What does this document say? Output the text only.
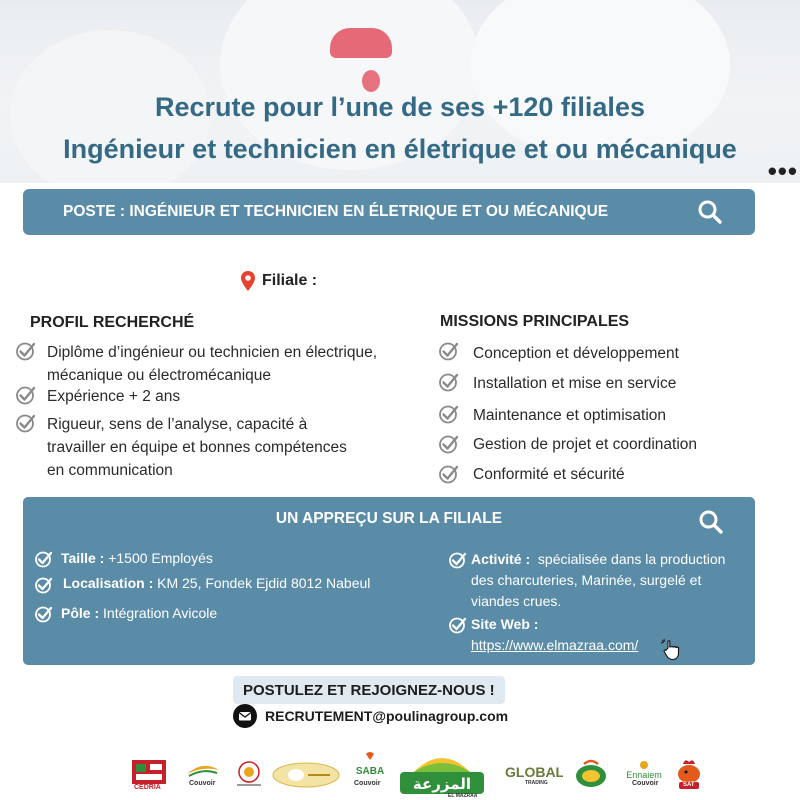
Recrute pour l’une de ses +120 filiales
Ingénieur et technicien en életrique et ou mécanique
•••
POSTE : INGÉNIEUR ET TECHNICIEN EN ÉLETRIQUE ET OU MÉCANIQUE
Filiale :
PROFIL RECHERCHÉ
Diplôme d’ingénieur ou technicien en électrique,
mécanique ou électromécanique
Expérience + 2 ans
Rigueur, sens de l’analyse, capacité à
travailler en équipe et bonnes compétences
en communication
MISSIONS PRINCIPALES
Conception et développement
Installation et mise en service
Maintenance et optimisation
Gestion de projet et coordination
Conformité et sécurité
UN APPREÇU SUR LA FILIALE
Taille : +1500 Employés
Localisation : KM 25, Fondek Ejdid 8012 Nabeul
Pôle : Intégration Avicole
Activité : spécialisée dans la production
des charcuteries, Marinée, surgelé et
viandes crues.
Site Web :
https://www.elmazraa.com/
POSTULEZ ET REJOIGNEZ-NOUS !
RECRUTEMENT@poulinagroup.com
CEDRIA
Couvoir
SABA
Couvoir المزرعة
EL MAZRAA
GLOBAL
TRADING
Ennaiem
Couvoir	SAT
